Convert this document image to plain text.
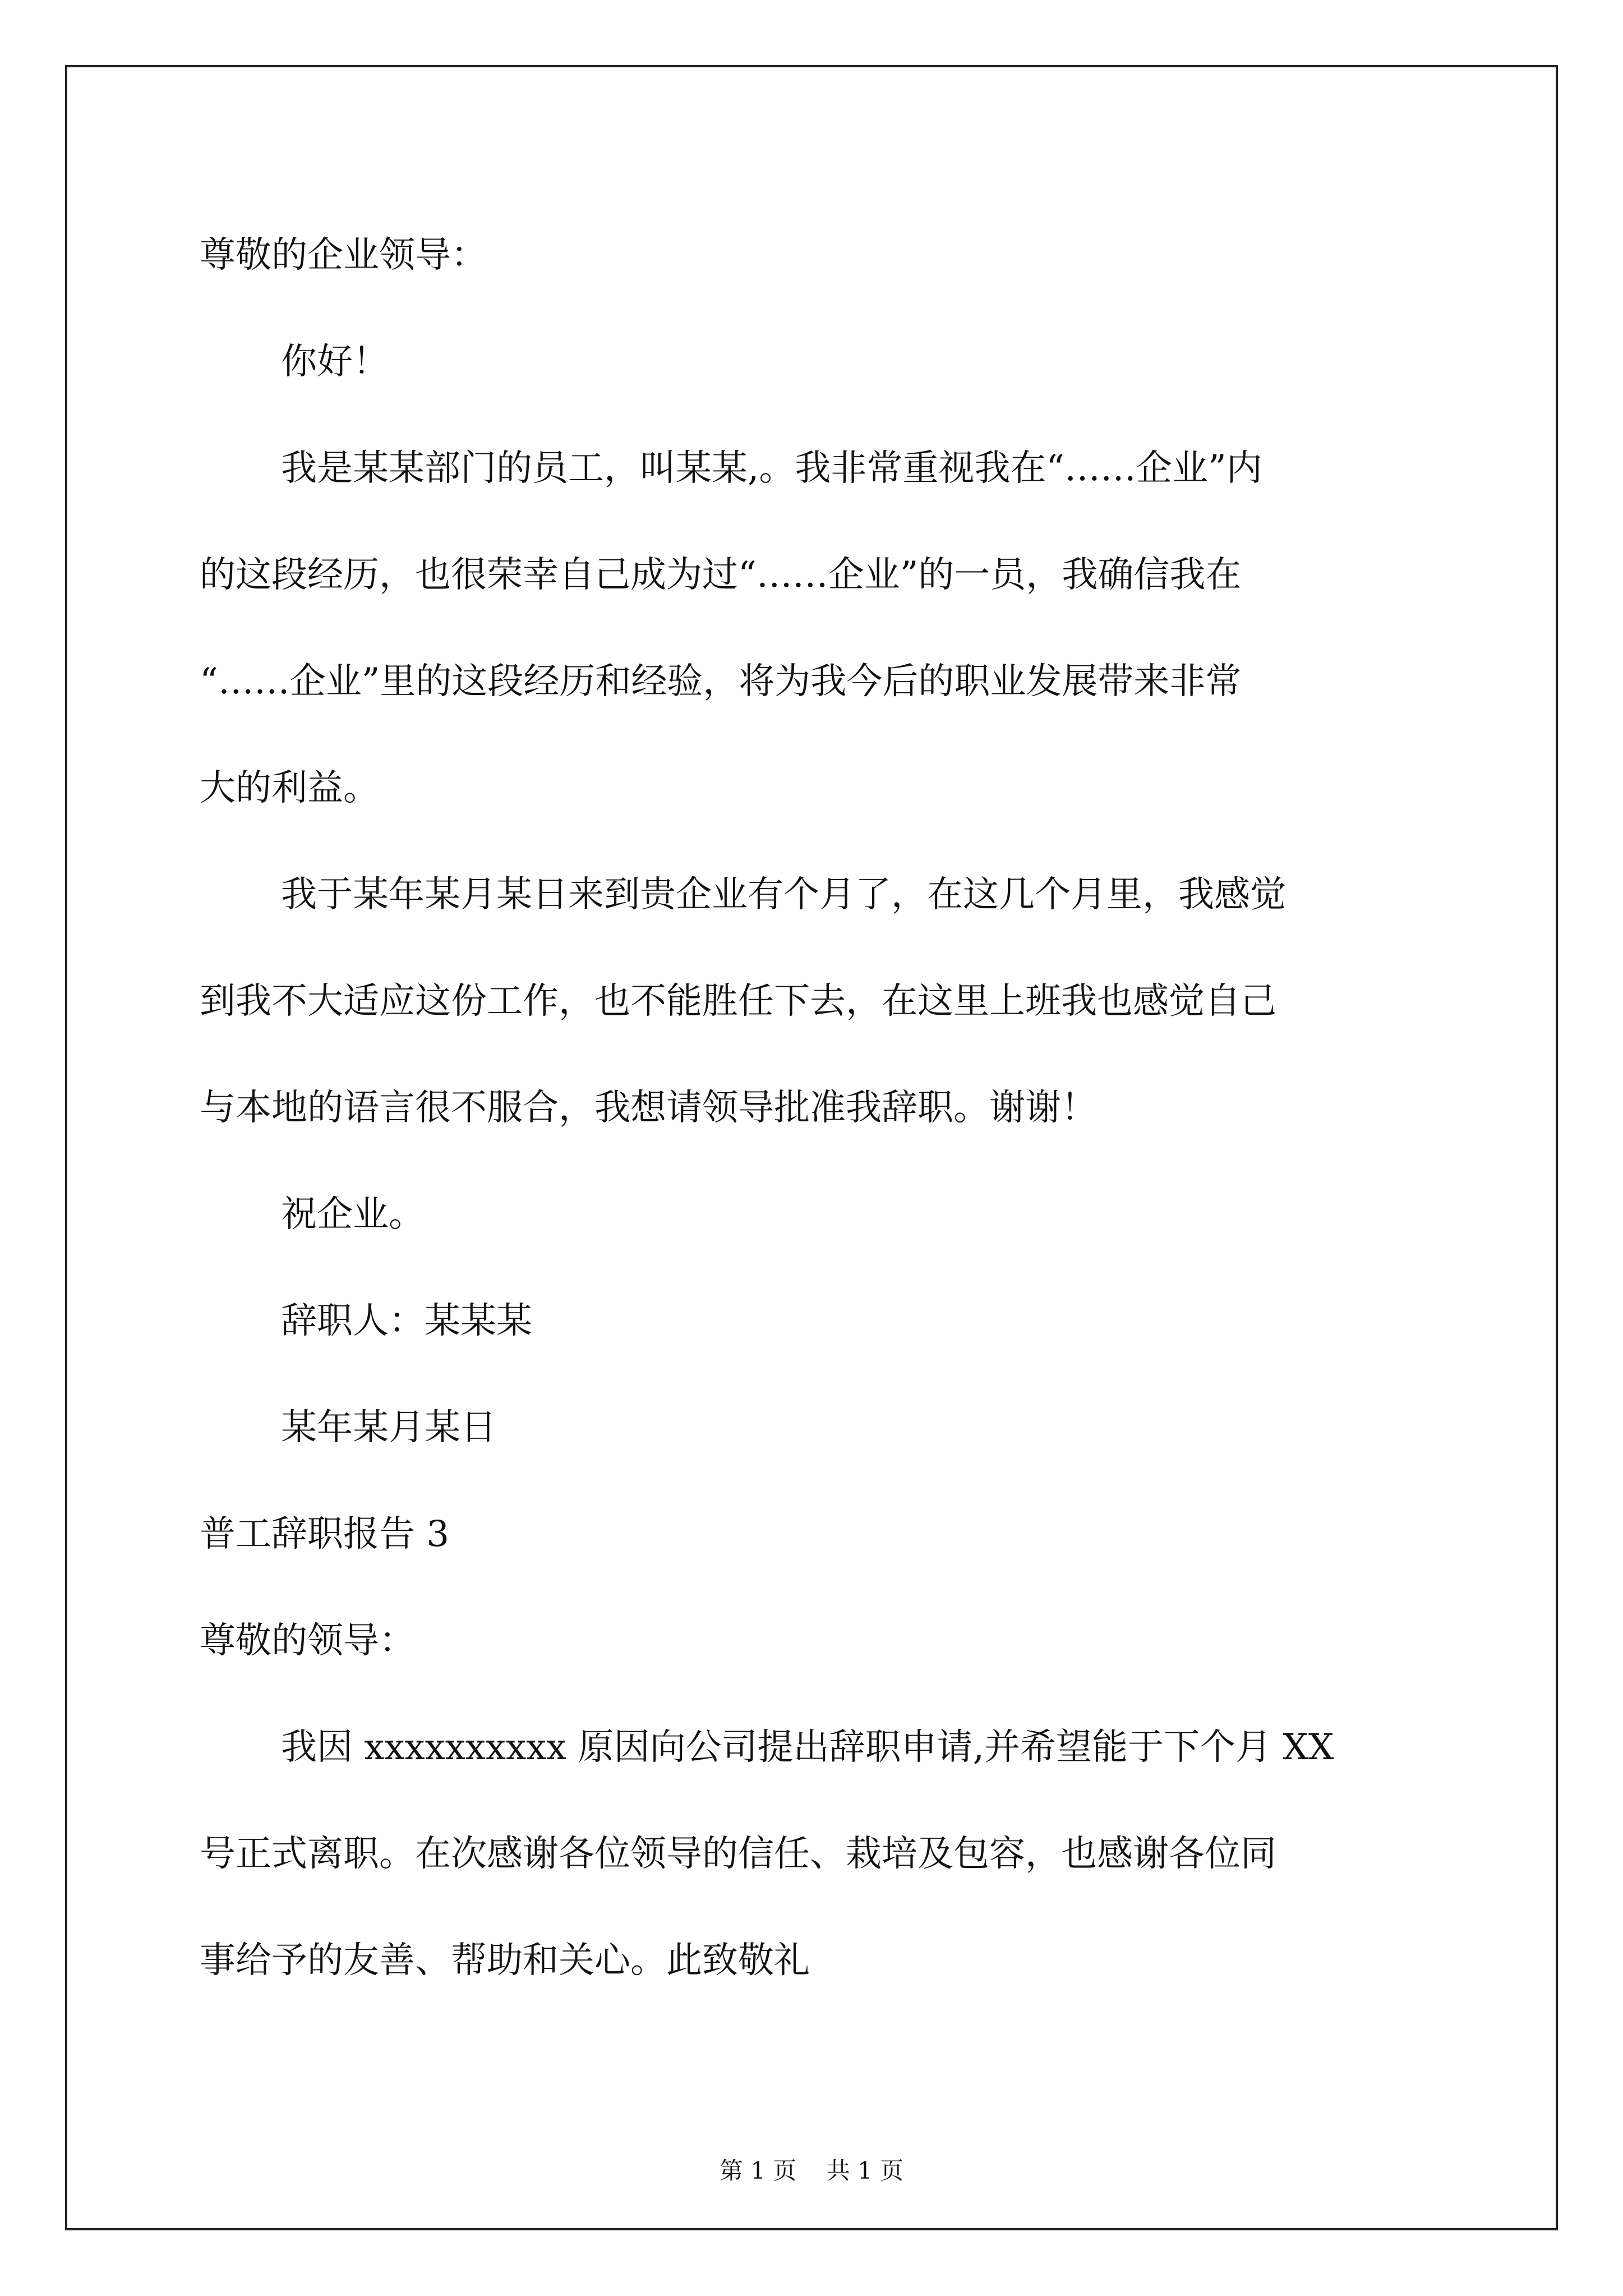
尊敬的企业领导：
你好！
我是某某部门的员工，叫某某,。我非常重视我在“……企业”内
的这段经历，也很荣幸自己成为过“……企业”的一员，我确信我在
“……企业”里的这段经历和经验，将为我今后的职业发展带来非常
大的利益。
我于某年某月某日来到贵企业有个月了，在这几个月里，我感觉
到我不大适应这份工作，也不能胜任下去，在这里上班我也感觉自己
与本地的语言很不服合，我想请领导批准我辞职。谢谢！
祝企业。
辞职人：某某某
某年某月某日
普工辞职报告 3
尊敬的领导：
我因 xxxxxxxxxx 原因向公司提出辞职申请,并希望能于下个月 XX
号正式离职。在次感谢各位领导的信任、栽培及包容，也感谢各位同
事给予的友善、帮助和关心。此致敬礼
第 1 页    共 1 页
